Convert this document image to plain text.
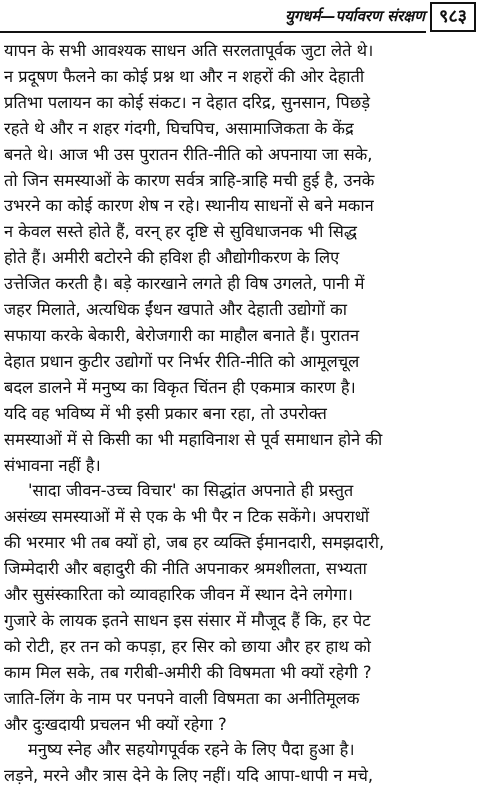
युगधर्म—पर्यावरण संरक्षण ९८३
यापन के सभी आवश्यक साधन अति सरलतापूर्वक जुटा लेते थे।
न प्रदूषण फैलने का कोई प्रश्न था और न शहरों की ओर देहाती
प्रतिभा पलायन का कोई संकट। न देहात दरिद्र, सुनसान, पिछड़े
रहते थे और न शहर गंदगी, घिचपिच, असामाजिकता के केंद्र
बनते थे। आज भी उस पुरातन रीति-नीति को अपनाया जा सके,
तो जिन समस्याओं के कारण सर्वत्र त्राहि-त्राहि मची हुई है, उनके
उभरने का कोई कारण शेष न रहे। स्थानीय साधनों से बने मकान
न केवल सस्ते होते हैं, वरन् हर दृष्टि से सुविधाजनक भी सिद्ध
होते हैं। अमीरी बटोरने की हविश ही औद्योगीकरण के लिए
उत्तेजित करती है। बड़े कारखाने लगते ही विष उगलते, पानी में
जहर मिलाते, अत्यधिक ईंधन खपाते और देहाती उद्योगों का
सफाया करके बेकारी, बेरोजगारी का माहौल बनाते हैं। पुरातन
देहात प्रधान कुटीर उद्योगों पर निर्भर रीति-नीति को आमूलचूल
बदल डालने में मनुष्य का विकृत चिंतन ही एकमात्र कारण है।
यदि वह भविष्य में भी इसी प्रकार बना रहा, तो उपरोक्त
समस्याओं में से किसी का भी महाविनाश से पूर्व समाधान होने की
संभावना नहीं है।
'सादा जीवन-उच्च विचार' का सिद्धांत अपनाते ही प्रस्तुत
असंख्य समस्याओं में से एक के भी पैर न टिक सकेंगे। अपराधों
की भरमार भी तब क्यों हो, जब हर व्यक्ति ईमानदारी, समझदारी,
जिम्मेदारी और बहादुरी की नीति अपनाकर श्रमशीलता, सभ्यता
और सुसंस्कारिता को व्यावहारिक जीवन में स्थान देने लगेगा।
गुजारे के लायक इतने साधन इस संसार में मौजूद हैं कि, हर पेट
को रोटी, हर तन को कपड़ा, हर सिर को छाया और हर हाथ को
काम मिल सके, तब गरीबी-अमीरी की विषमता भी क्यों रहेगी ?
जाति-लिंग के नाम पर पनपने वाली विषमता का अनीतिमूलक
और दुःखदायी प्रचलन भी क्यों रहेगा ?
मनुष्य स्नेह और सहयोगपूर्वक रहने के लिए पैदा हुआ है।
लड़ने, मरने और त्रास देने के लिए नहीं। यदि आपा-धापी न मचे,
